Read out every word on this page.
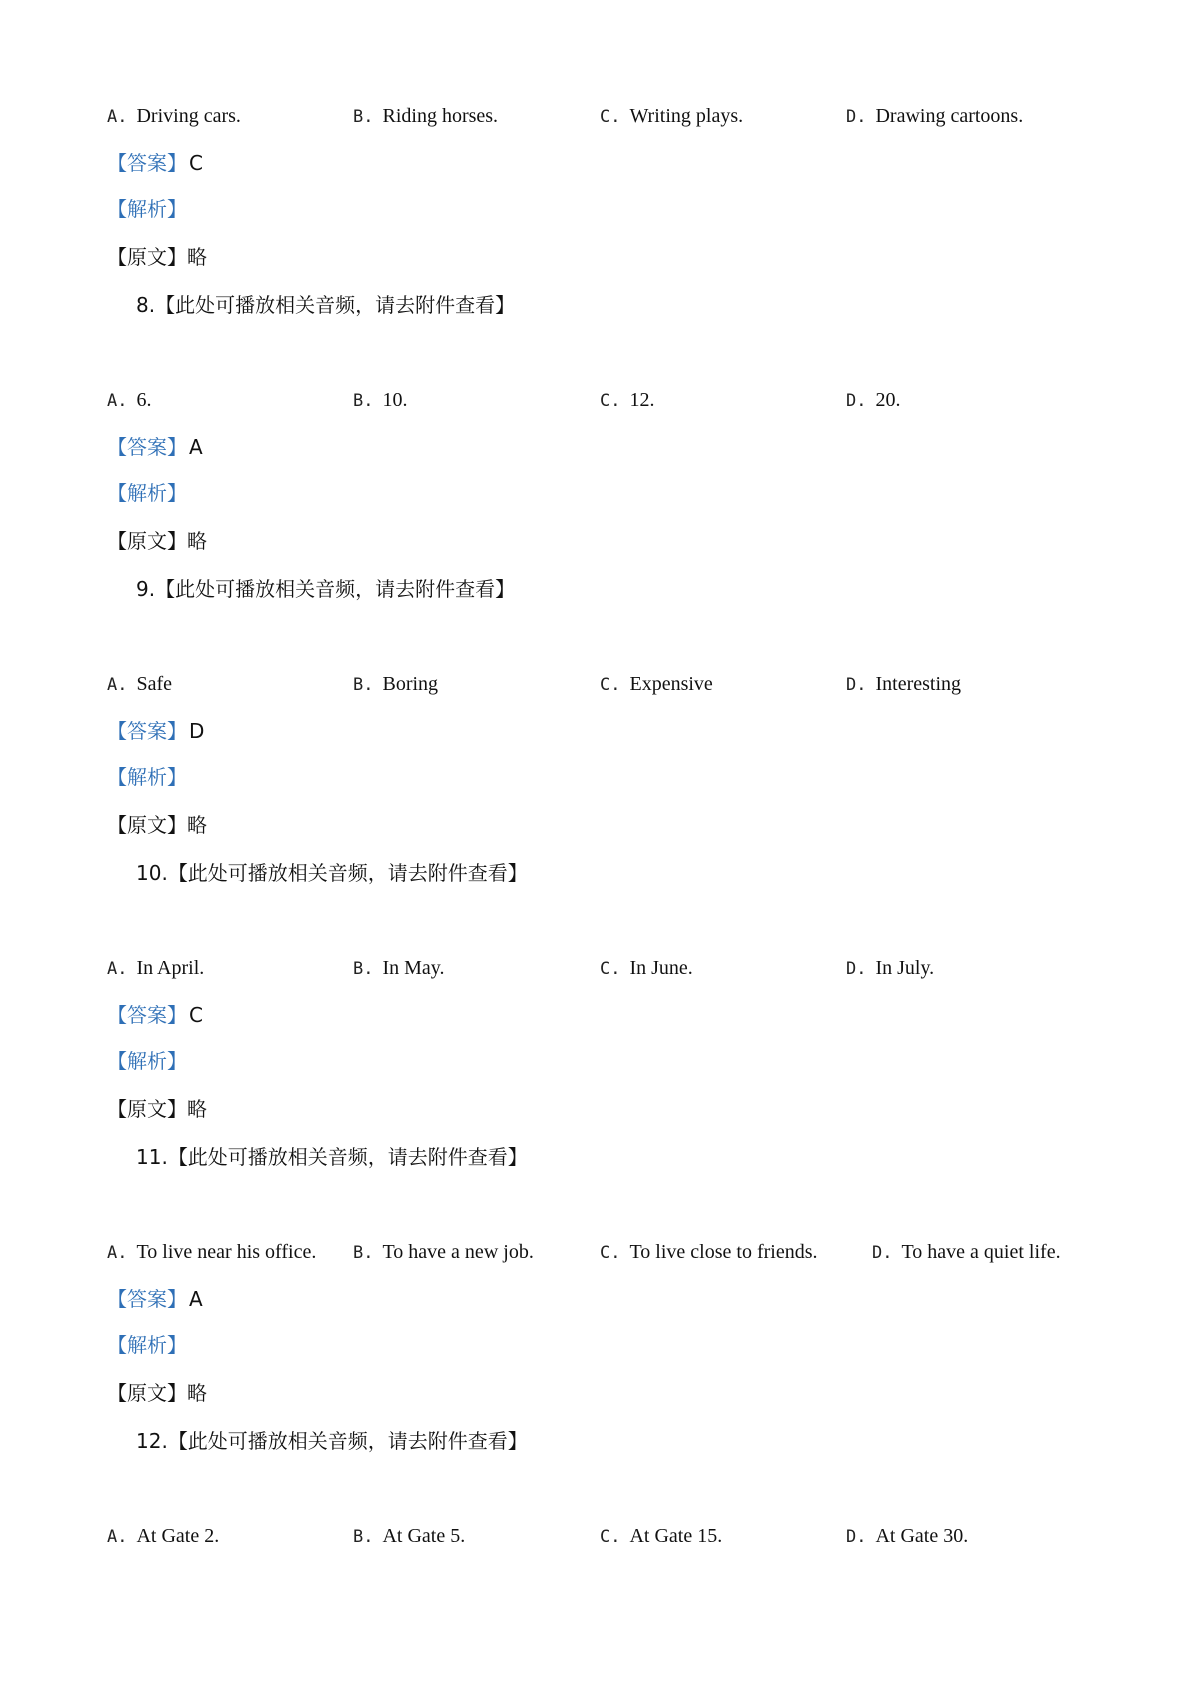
A. Driving cars.	B. Riding horses.	C. Writing plays.	D. Drawing cartoons.
【答案】 C
【解析】
【原文】略
8.【此处可播放相关音频，请去附件查看】
A. 6.	B. 10.	C. 12.	D. 20.
【答案】 A
【解析】
【原文】略
9.【此处可播放相关音频，请去附件查看】
A. Safe	B. Boring	C. Expensive	D. Interesting
【答案】 D
【解析】
【原文】略
10.【此处可播放相关音频，请去附件查看】
A. In April.	B. In May.	C. In June.	D. In July.
【答案】 C
【解析】
【原文】略
11.【此处可播放相关音频，请去附件查看】
A. To live near his office. B. To have a new job.	C. To live close to friends.	D. To have a quiet life.
【答案】 A
【解析】
【原文】略
12.【此处可播放相关音频，请去附件查看】
A. At Gate 2.	B. At Gate 5.	C. At Gate 15.	D. At Gate 30.
